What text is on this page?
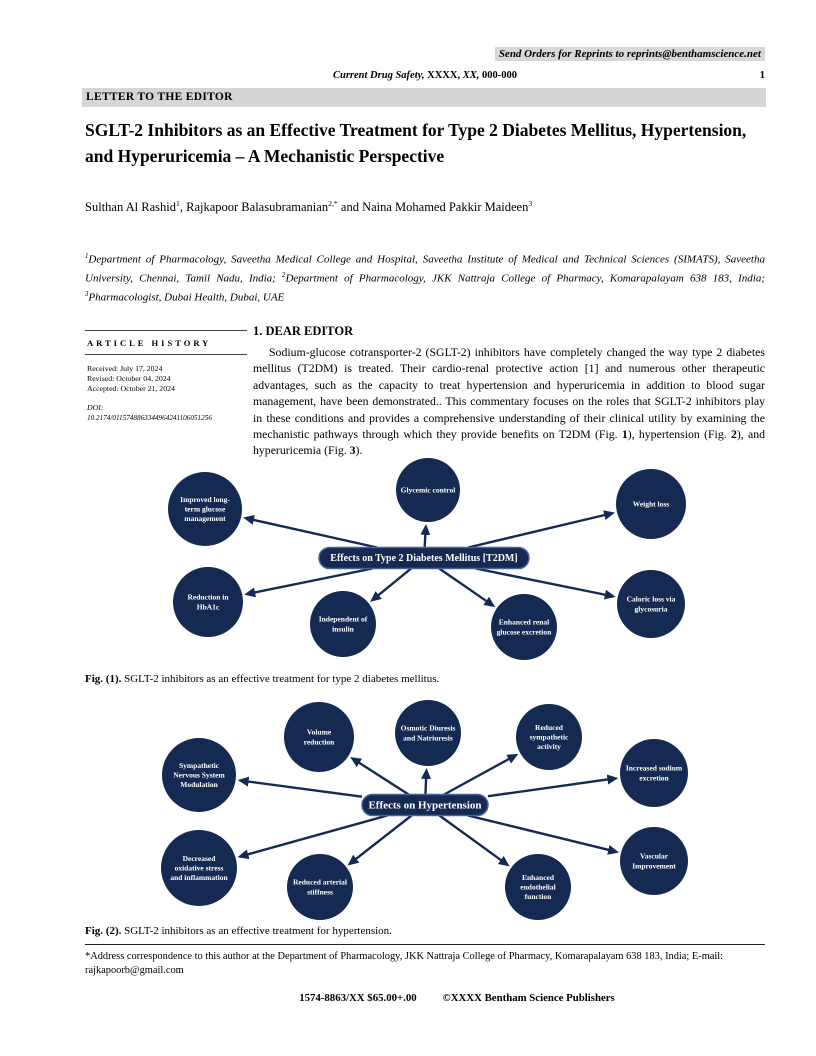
Send Orders for Reprints to reprints@benthamscience.net
Current Drug Safety, XXXX, XX, 000-000	1
LETTER TO THE EDITOR
SGLT-2 Inhibitors as an Effective Treatment for Type 2 Diabetes Mellitus, Hypertension, and Hyperuricemia – A Mechanistic Perspective
Sulthan Al Rashid$^1$, Rajkapoor Balasubramanian$^{2,*}$ and Naina Mohamed Pakkir Maideen$^3$
$^1$Department of Pharmacology, Saveetha Medical College and Hospital, Saveetha Institute of Medical and Technical Sciences (SIMATS), Saveetha University, Chennai, Tamil Nadu, India; $^2$Department of Pharmacology, JKK Nattraja College of Pharmacy, Komarapalayam 638 183, India; $^3$Pharmacologist, Dubai Health, Dubai, UAE
ARTICLE HISTORY
Received: July 17, 2024
Revised: October 04, 2024
Accepted: October 21, 2024
DOI:
10.2174/0115748863344964241106051256
1. DEAR EDITOR

Sodium-glucose cotransporter-2 (SGLT-2) inhibitors have completely changed the way type 2 diabetes mellitus (T2DM) is treated. Their cardio-renal protective action [1] and numerous other therapeutic advantages, such as the capacity to treat hypertension and hyperuricemia in addition to blood sugar management, have been demonstrated.. This commentary focuses on the roles that SGLT-2 inhibitors play in these conditions and provides a comprehensive understanding of their clinical utility by examining the mechanistic pathways through which they provide benefits on T2DM (Fig. 1), hypertension (Fig. 2), and hyperuricemia (Fig. 3).

Improved long-term glucose management
Glycemic control
Weight loss
Reduction in HbA1c
Independent of insulin
Enhanced renal glucose excretion
Caloric loss via glycosuria
Effects on Type 2 Diabetes Mellitus [T2DM]

Fig. (1). SGLT-2 inhibitors as an effective treatment for type 2 diabetes mellitus.

Volume reduction
Osmotic Diuresis and Natriuresis
Reduced sympathetic activity
Sympathetic Nervous System Modulation
Increased sodium excretion
Decreased oxidative stress and inflammation
Reduced arterial stiffness
Enhanced endothelial function
Vascular Improvement
Effects on Hypertension

Fig. (2). SGLT-2 inhibitors as an effective treatment for hypertension.

*Address correspondence to this author at the Department of Pharmacology, JKK Nattraja College of Pharmacy, Komarapalayam 638 183, India; E-mail: rajkapoorb@gmail.com
1574-8863/XX $65.00+.00 ©XXXX Bentham Science Publishers
